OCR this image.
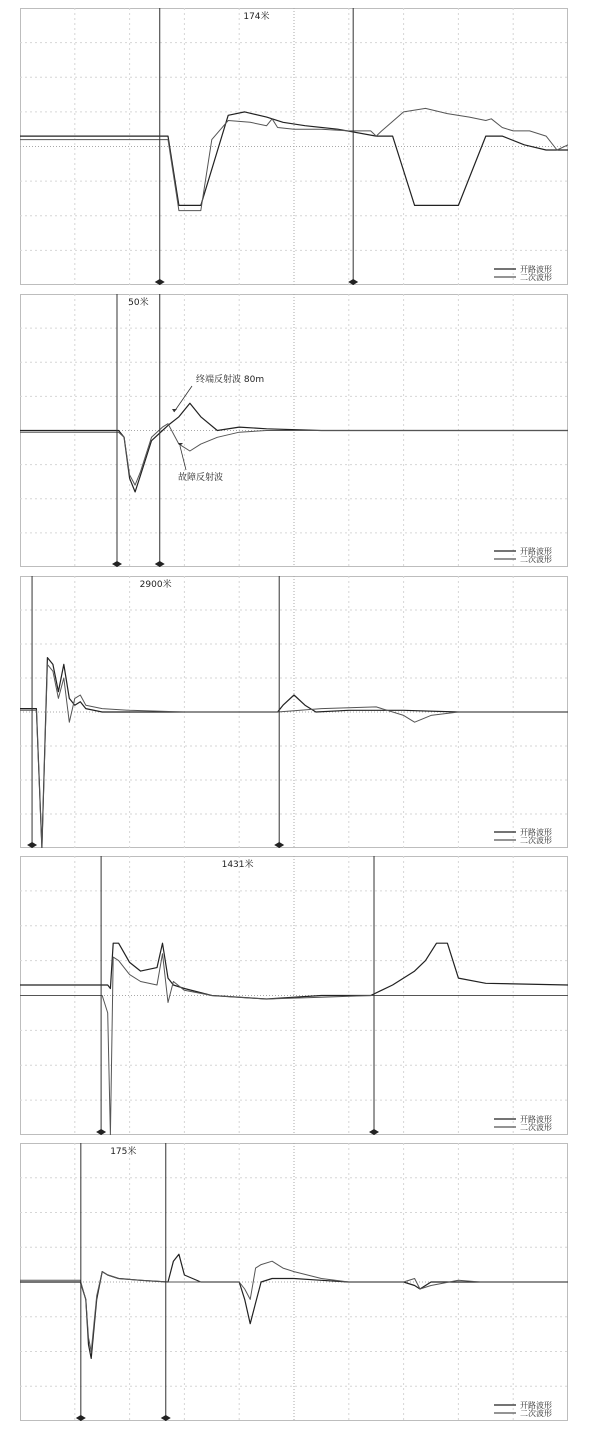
174米
开路波形
二次波形
50米
终端反射波 80m
故障反射波
开路波形
二次波形
2900米
开路波形
二次波形
1431米
开路波形
二次波形
175米
开路波形
二次波形
